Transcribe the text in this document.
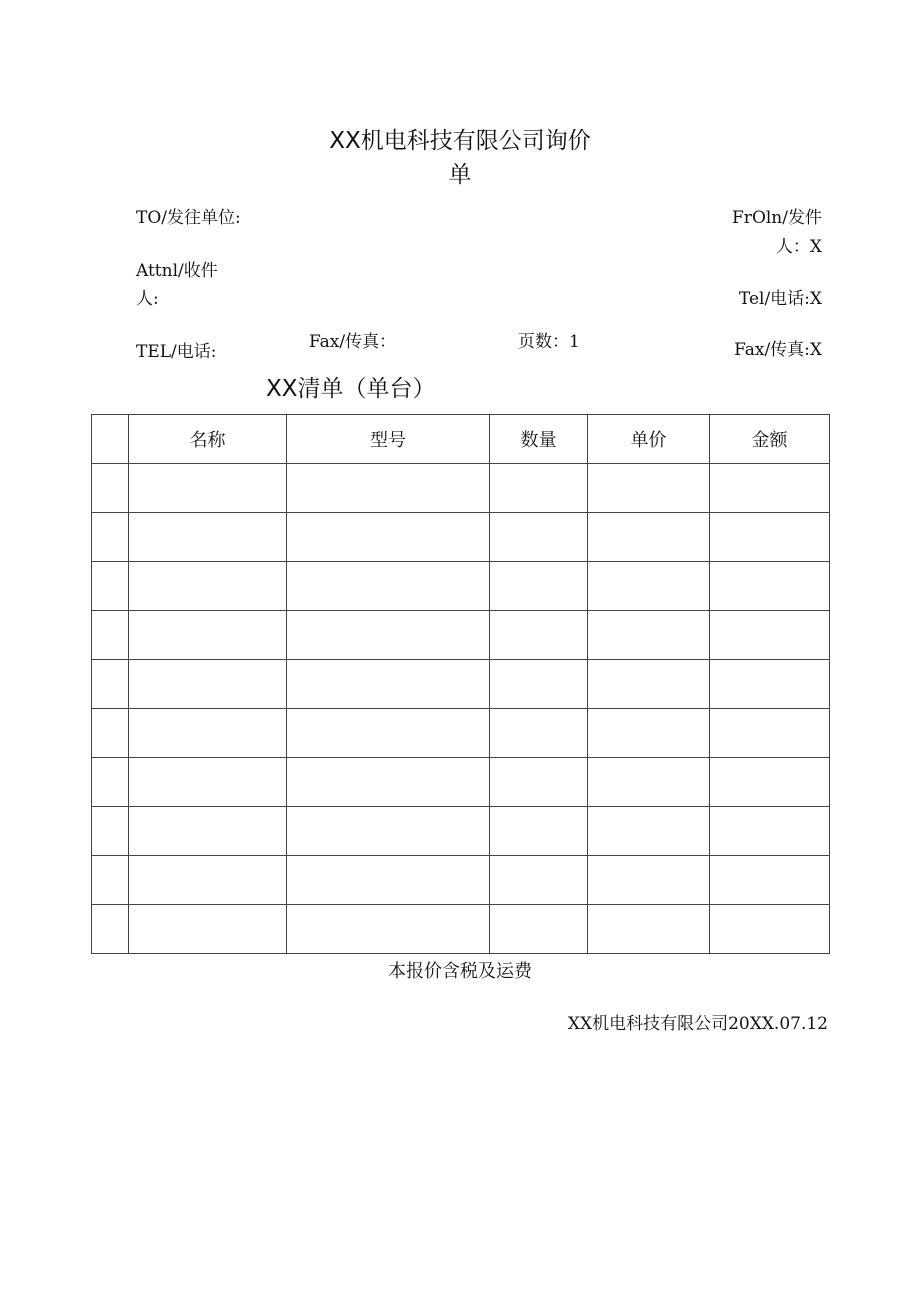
XX机电科技有限公司询价
单
TO/发往单位:	FrOln/发件
人：X
Attnl/收件
人:	Tel/电话:X
TEL/电话:	Fax/传真：	页数：1	Fax/传真:X
XX清单（单台）
	名称	型号	数量	单价	金额

本报价含税及运费
XX机电科技有限公司20XX.07.12
